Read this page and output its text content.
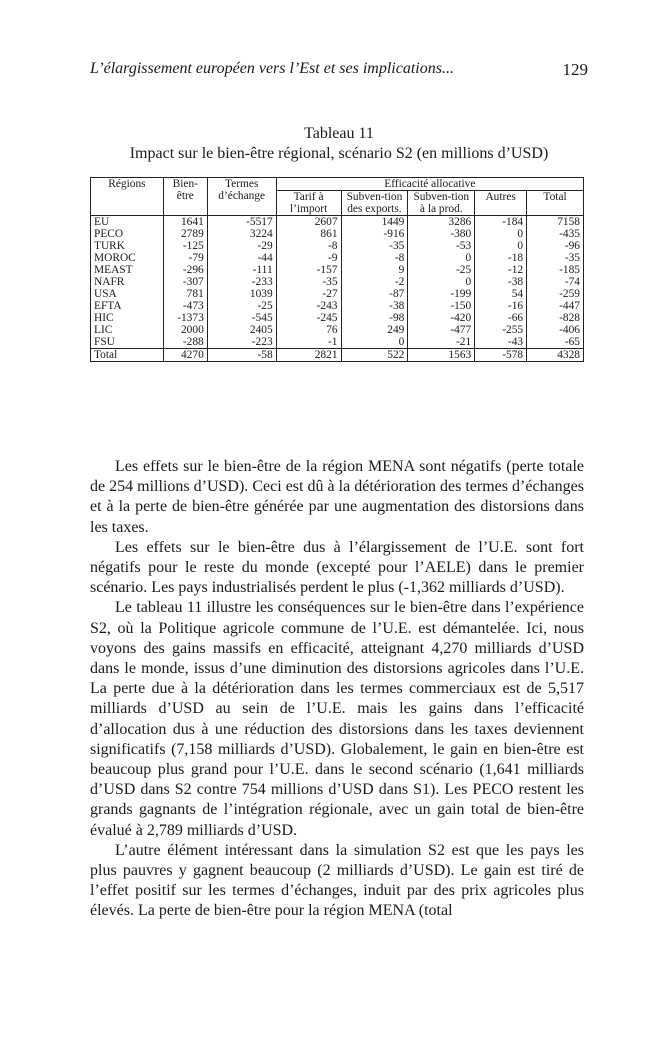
L’élargissement européen vers l’Est et ses implications...	129
Tableau 11
Impact sur le bien-être régional, scénario S2 (en millions d’USD)
Régions	Bien-être	Termes d’échange	Efficacité allocative				
			Tarif à l’import	Subven-tion des exports.	Subven-tion à la prod.	Autres	Total
EU	1641	-5517	2607	1449	3286	-184	7158
PECO	2789	3224	861	-916	-380	0	-435
TURK	-125	-29	-8	-35	-53	0	-96
MOROC	-79	-44	-9	-8	0	-18	-35
MEAST	-296	-111	-157	9	-25	-12	-185
NAFR	-307	-233	-35	-2	0	-38	-74
USA	781	1039	-27	-87	-199	54	-259
EFTA	-473	-25	-243	-38	-150	-16	-447
HIC	-1373	-545	-245	-98	-420	-66	-828
LIC	2000	2405	76	249	-477	-255	-406
FSU	-288	-223	-1	0	-21	-43	-65
Total	4270	-58	2821	522	1563	-578	4328

Les effets sur le bien-être de la région MENA sont négatifs (perte totale de 254 millions d’USD). Ceci est dû à la détérioration des termes d’échanges et à la perte de bien-être générée par une augmentation des distorsions dans les taxes.

Les effets sur le bien-être dus à l’élargissement de l’U.E. sont fort négatifs pour le reste du monde (excepté pour l’AELE) dans le premier scénario. Les pays industrialisés perdent le plus (-1,362 milliards d’USD).

Le tableau 11 illustre les conséquences sur le bien-être dans l’expérience S2, où la Politique agricole commune de l’U.E. est démantelée. Ici, nous voyons des gains massifs en efficacité, atteignant 4,270 milliards d’USD dans le monde, issus d’une diminution des distorsions agricoles dans l’U.E. La perte due à la détérioration dans les termes commerciaux est de 5,517 milliards d’USD au sein de l’U.E. mais les gains dans l’efficacité d’allocation dus à une réduction des distorsions dans les taxes deviennent significatifs (7,158 milliards d’USD). Globalement, le gain en bien-être est beaucoup plus grand pour l’U.E. dans le second scénario (1,641 milliards d’USD dans S2 contre 754 millions d’USD dans S1). Les PECO restent les grands gagnants de l’intégration régionale, avec un gain total de bien-être évalué à 2,789 milliards d’USD.

L’autre élément intéressant dans la simulation S2 est que les pays les plus pauvres y gagnent beaucoup (2 milliards d’USD). Le gain est tiré de l’effet positif sur les termes d’échanges, induit par des prix agricoles plus élevés. La perte de bien-être pour la région MENA (total
